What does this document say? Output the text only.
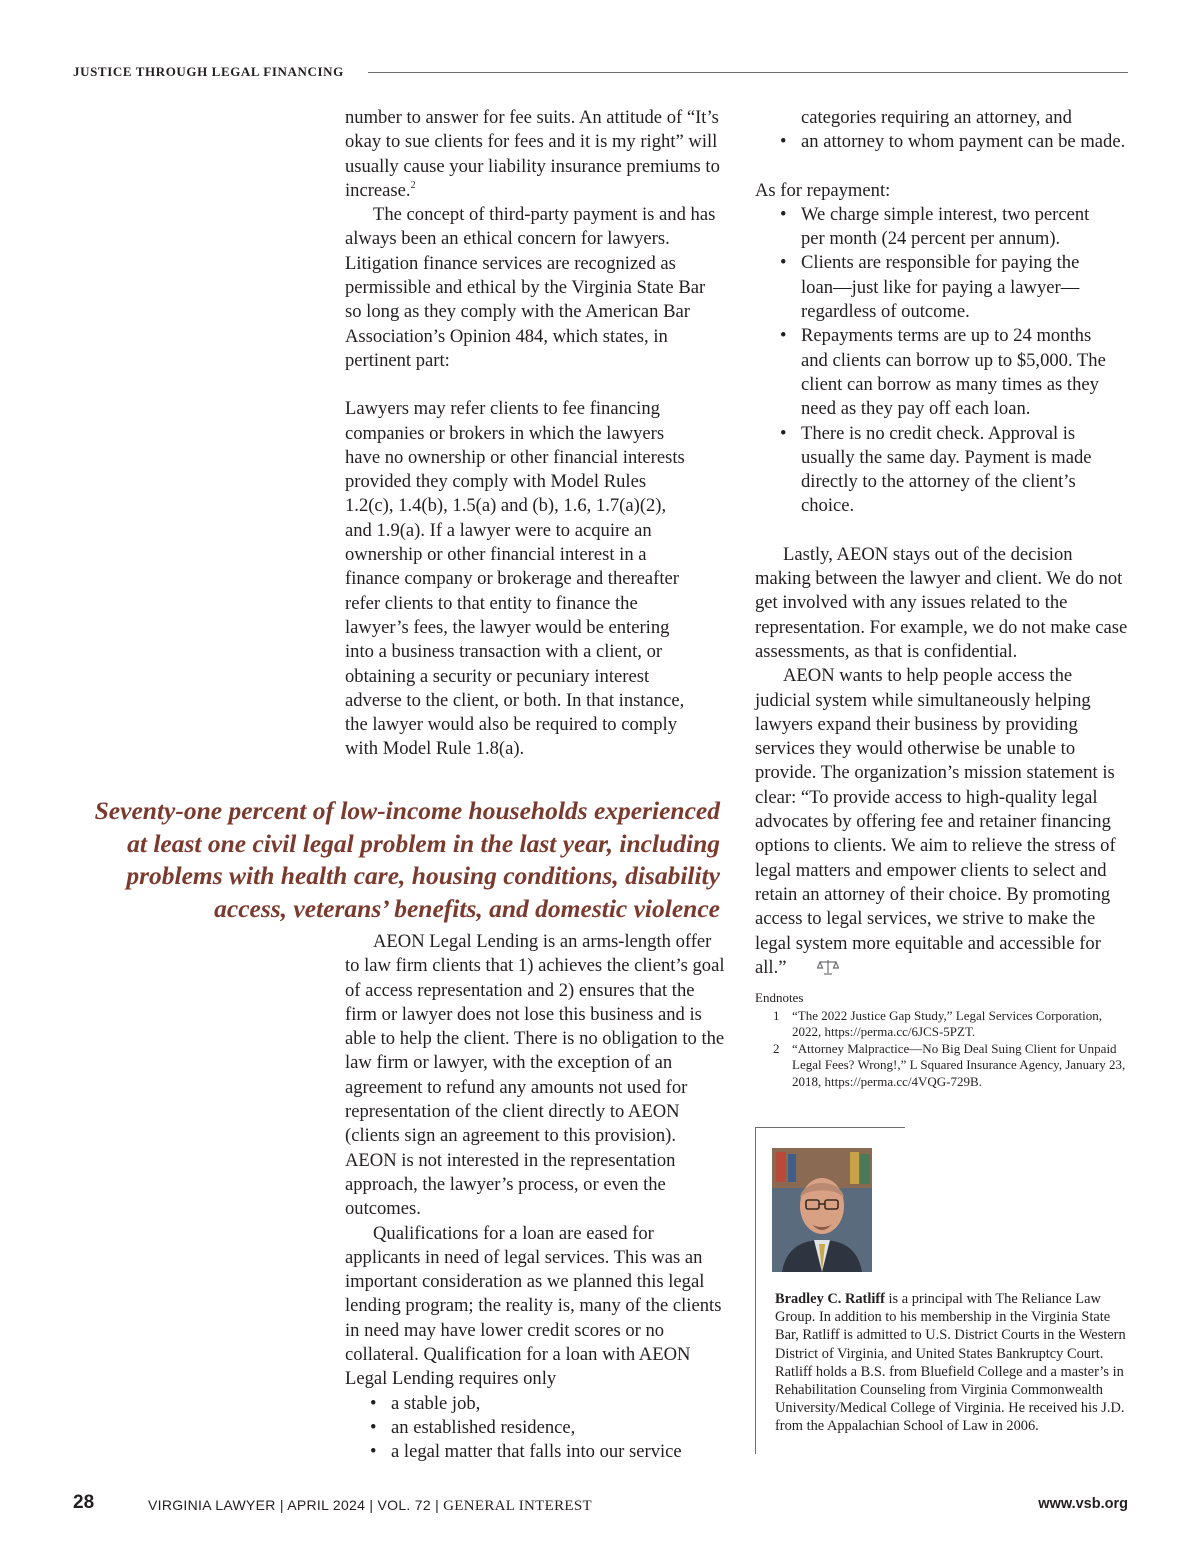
JUSTICE THROUGH LEGAL FINANCING

number to answer for fee suits. An attitude of “It’s okay to sue clients for fees and it is my right” will usually cause your liability insurance premiums to increase.$^2$

The concept of third-party payment is and has always been an ethical concern for lawyers. Litigation finance services are recognized as permissible and ethical by the Virginia State Bar so long as they comply with the American Bar Association’s Opinion 484, which states, in pertinent part:

Lawyers may refer clients to fee financing companies or brokers in which the lawyers have no ownership or other financial interests provided they comply with Model Rules 1.2(c), 1.4(b), 1.5(a) and (b), 1.6, 1.7(a)(2), and 1.9(a). If a lawyer were to acquire an ownership or other financial interest in a finance company or brokerage and thereafter refer clients to that entity to finance the lawyer’s fees, the lawyer would be entering into a business transaction with a client, or obtaining a security or pecuniary interest adverse to the client, or both. In that instance, the lawyer would also be required to comply with Model Rule 1.8(a).

Seventy-one percent of low-income households experienced at least one civil legal problem in the last year, including problems with health care, housing conditions, disability access, veterans’ benefits, and domestic violence

AEON Legal Lending is an arms-length offer to law firm clients that 1) achieves the client’s goal of access representation and 2) ensures that the firm or lawyer does not lose this business and is able to help the client. There is no obligation to the law firm or lawyer, with the exception of an agreement to refund any amounts not used for representation of the client directly to AEON (clients sign an agreement to this provision). AEON is not interested in the representation approach, the lawyer’s process, or even the outcomes.

Qualifications for a loan are eased for applicants in need of legal services. This was an important consideration as we planned this legal lending program; the reality is, many of the clients in need may have lower credit scores or no collateral. Qualification for a loan with AEON Legal Lending requires only

• a stable job,
• an established residence,
• a legal matter that falls into our service
categories requiring an attorney, and
• an attorney to whom payment can be made.

As for repayment:

• We charge simple interest, two percent per month (24 percent per annum).
• Clients are responsible for paying the loan—just like for paying a lawyer— regardless of outcome.
• Repayments terms are up to 24 months and clients can borrow up to $5,000. The client can borrow as many times as they need as they pay off each loan.
• There is no credit check. Approval is usually the same day. Payment is made directly to the attorney of the client’s choice.

Lastly, AEON stays out of the decision making between the lawyer and client. We do not get involved with any issues related to the representation. For example, we do not make case assessments, as that is confidential.

AEON wants to help people access the judicial system while simultaneously helping lawyers expand their business by providing services they would otherwise be unable to provide. The organization’s mission statement is clear: “To provide access to high-quality legal advocates by offering fee and retainer financing options to clients. We aim to relieve the stress of legal matters and empower clients to select and retain an attorney of their choice. By promoting access to legal services, we strive to make the legal system more equitable and accessible for all.”

Endnotes
1 “The 2022 Justice Gap Study,” Legal Services Corporation, 2022, https://perma.cc/6JCS-5PZT.
2 “Attorney Malpractice—No Big Deal Suing Client for Unpaid Legal Fees? Wrong!,” L Squared Insurance Agency, January 23, 2018, https://perma.cc/4VQG-729B.
Bradley C. Ratliff is a principal with The Reliance Law Group. In addition to his membership in the Virginia State Bar, Ratliff is admitted to U.S. District Courts in the Western District of Virginia, and United States Bankruptcy Court. Ratliff holds a B.S. from Bluefield College and a master’s in Rehabilitation Counseling from Virginia Commonwealth University/Medical College of Virginia. He received his J.D. from the Appalachian School of Law in 2006.
28	VIRGINIA LAWYER | APRIL 2024 | VOL. 72 | GENERAL INTEREST	www.vsb.org
